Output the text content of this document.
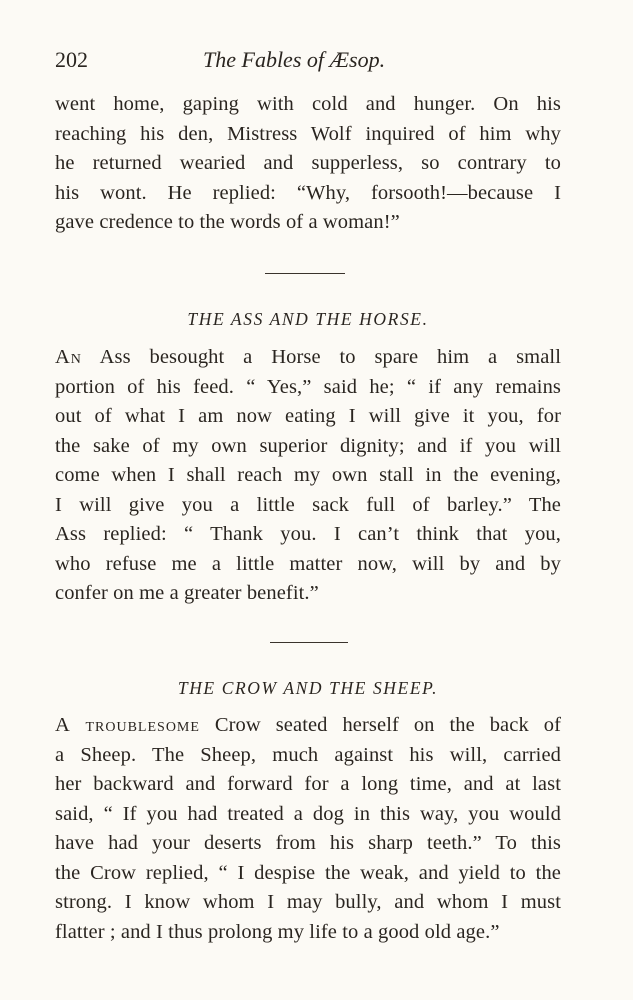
202	The Fables of Æsop.
went home, gaping with cold and hunger. On his
reaching his den, Mistress Wolf inquired of him why
he returned wearied and supperless, so contrary to
his wont. He replied: “Why, forsooth!—because I
gave credence to the words of a woman!”
THE ASS AND THE HORSE.
An Ass besought a Horse to spare him a small
portion of his feed. “ Yes,” said he; “ if any remains
out of what I am now eating I will give it you, for
the sake of my own superior dignity; and if you will
come when I shall reach my own stall in the evening,
I will give you a little sack full of barley.” The
Ass replied: “ Thank you. I can’t think that you,
who refuse me a little matter now, will by and by
confer on me a greater benefit.”
THE CROW AND THE SHEEP.
A troublesome Crow seated herself on the back of
a Sheep. The Sheep, much against his will, carried
her backward and forward for a long time, and at last
said, “ If you had treated a dog in this way, you would
have had your deserts from his sharp teeth.” To this
the Crow replied, “ I despise the weak, and yield to the
strong. I know whom I may bully, and whom I must
flatter ; and I thus prolong my life to a good old age.”
